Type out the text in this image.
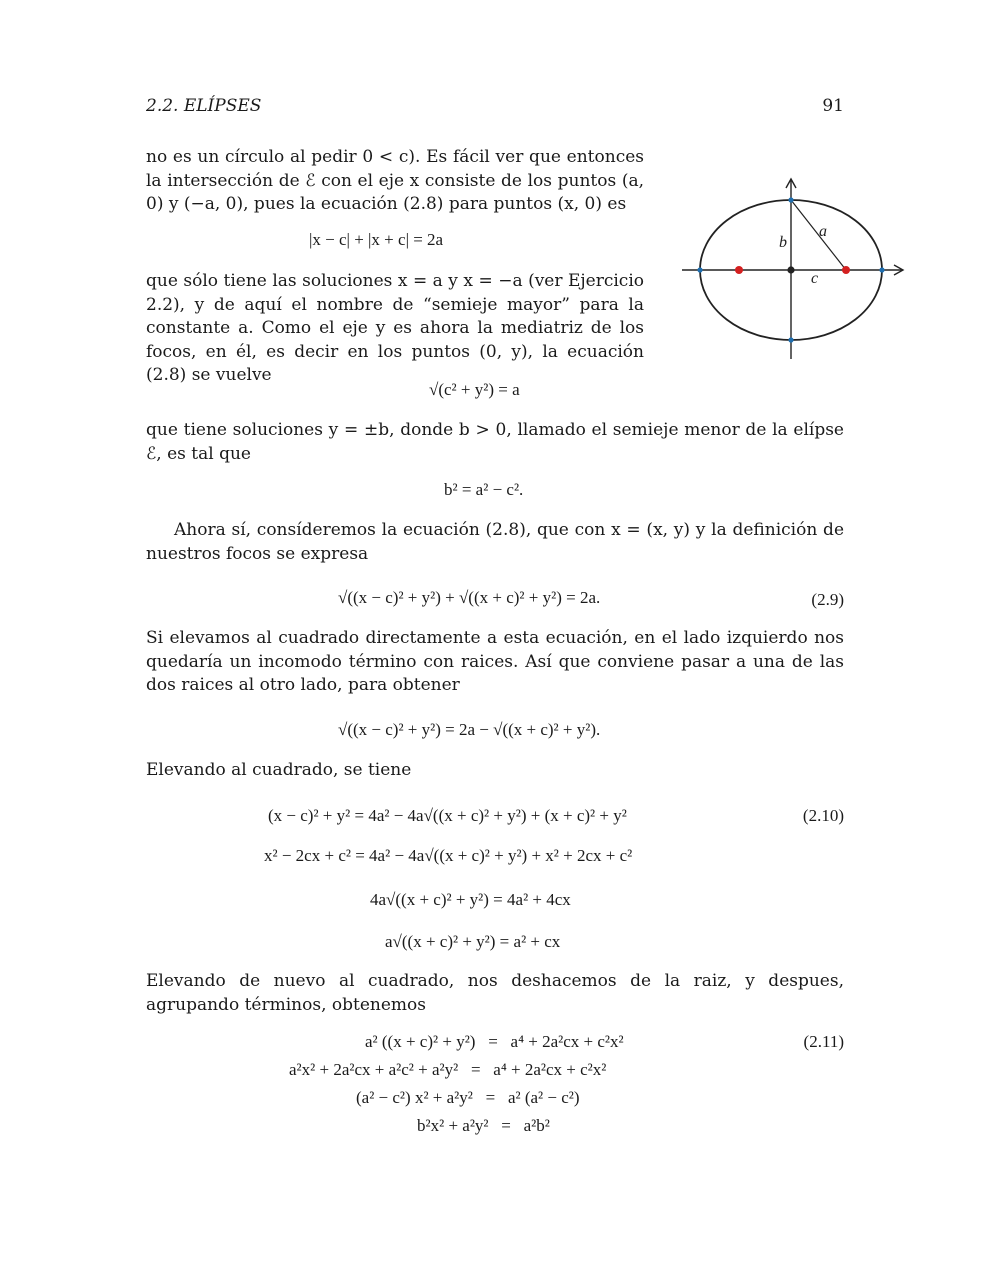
2.2. ELÍPSES	91

no es un círculo al pedir 0 < c). Es fácil ver que entonces la intersección de ℰ con el eje x consiste de los puntos (a, 0) y (−a, 0), pues la ecuación (2.8) para puntos (x, 0) es

|x − c| + |x + c| = 2a

que sólo tiene las soluciones x = a y x = −a (ver Ejercicio 2.2), y de aquí el nombre de “semieje mayor” para la constante a. Como el eje y es ahora la mediatriz de los focos, en él, es decir en los puntos (0, y), la ecuación (2.8) se vuelve

a
b
c
√(c² + y²) = a

que tiene soluciones y = ±b, donde b > 0, llamado el semieje menor de la elípse ℰ, es tal que

b² = a² − c².

Ahora sí, consíderemos la ecuación (2.8), que con x = (x, y) y la definición de nuestros focos se expresa

√((x − c)² + y²) + √((x + c)² + y²) = 2a.	(2.9)

Si elevamos al cuadrado directamente a esta ecuación, en el lado izquierdo nos quedaría un incomodo término con raices. Así que conviene pasar a una de las dos raices al otro lado, para obtener

√((x − c)² + y²) = 2a − √((x + c)² + y²).

Elevando al cuadrado, se tiene

(x − c)² + y² = 4a² − 4a√((x + c)² + y²) + (x + c)² + y²	(2.10)
x² − 2cx + c² = 4a² − 4a√((x + c)² + y²) + x² + 2cx + c²
4a√((x + c)² + y²) = 4a² + 4cx
a√((x + c)² + y²) = a² + cx

Elevando de nuevo al cuadrado, nos deshacemos de la raiz, y despues, agrupando términos, obtenemos

a² ((x + c)² + y²)   =   a⁴ + 2a²cx + c²x²	(2.11)
a²x² + 2a²cx + a²c² + a²y²   =   a⁴ + 2a²cx + c²x²
(a² − c²) x² + a²y²   =   a² (a² − c²)
b²x² + a²y²   =   a²b²
